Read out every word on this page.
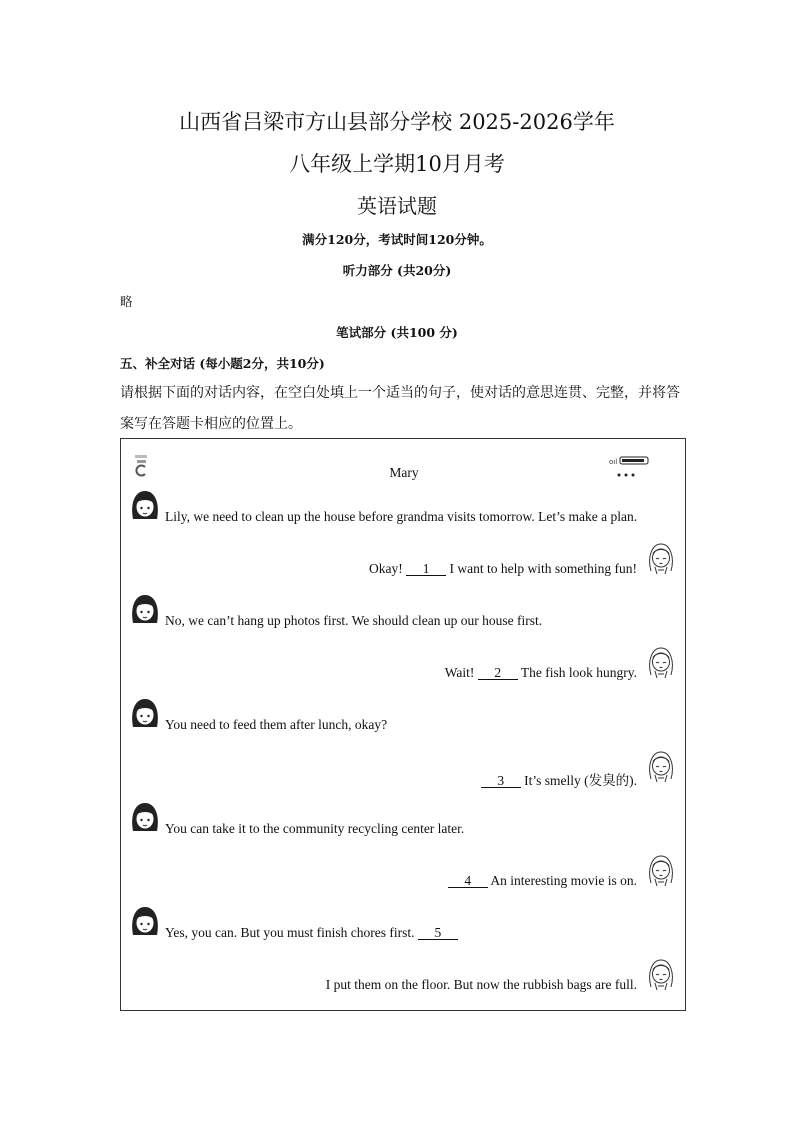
山西省吕梁市方山县部分学校 2025-2026学年
八年级上学期10月月考
英语试题
满分120分，考试时间120分钟。
听力部分 (共20分)
略
笔试部分 (共100 分)
五、补全对话 (每小题2分，共10分)
请根据下面的对话内容，在空白处填上一个适当的句子，使对话的意思连贯、完整，并将答
案写在答题卡相应的位置上。
Mary
oıl
Lily, we need to clean up the house before grandma visits tomorrow. Let’s make a plan.
Okay! 1 I want to help with something fun!
No, we can’t hang up photos first. We should clean up our house first.
Wait! 2 The fish look hungry.
You need to feed them after lunch, okay?
3 It’s smelly (发臭的).
You can take it to the community recycling center later.
4 An interesting movie is on.
Yes, you can. But you must finish chores first. 5
I put them on the floor. But now the rubbish bags are full.
